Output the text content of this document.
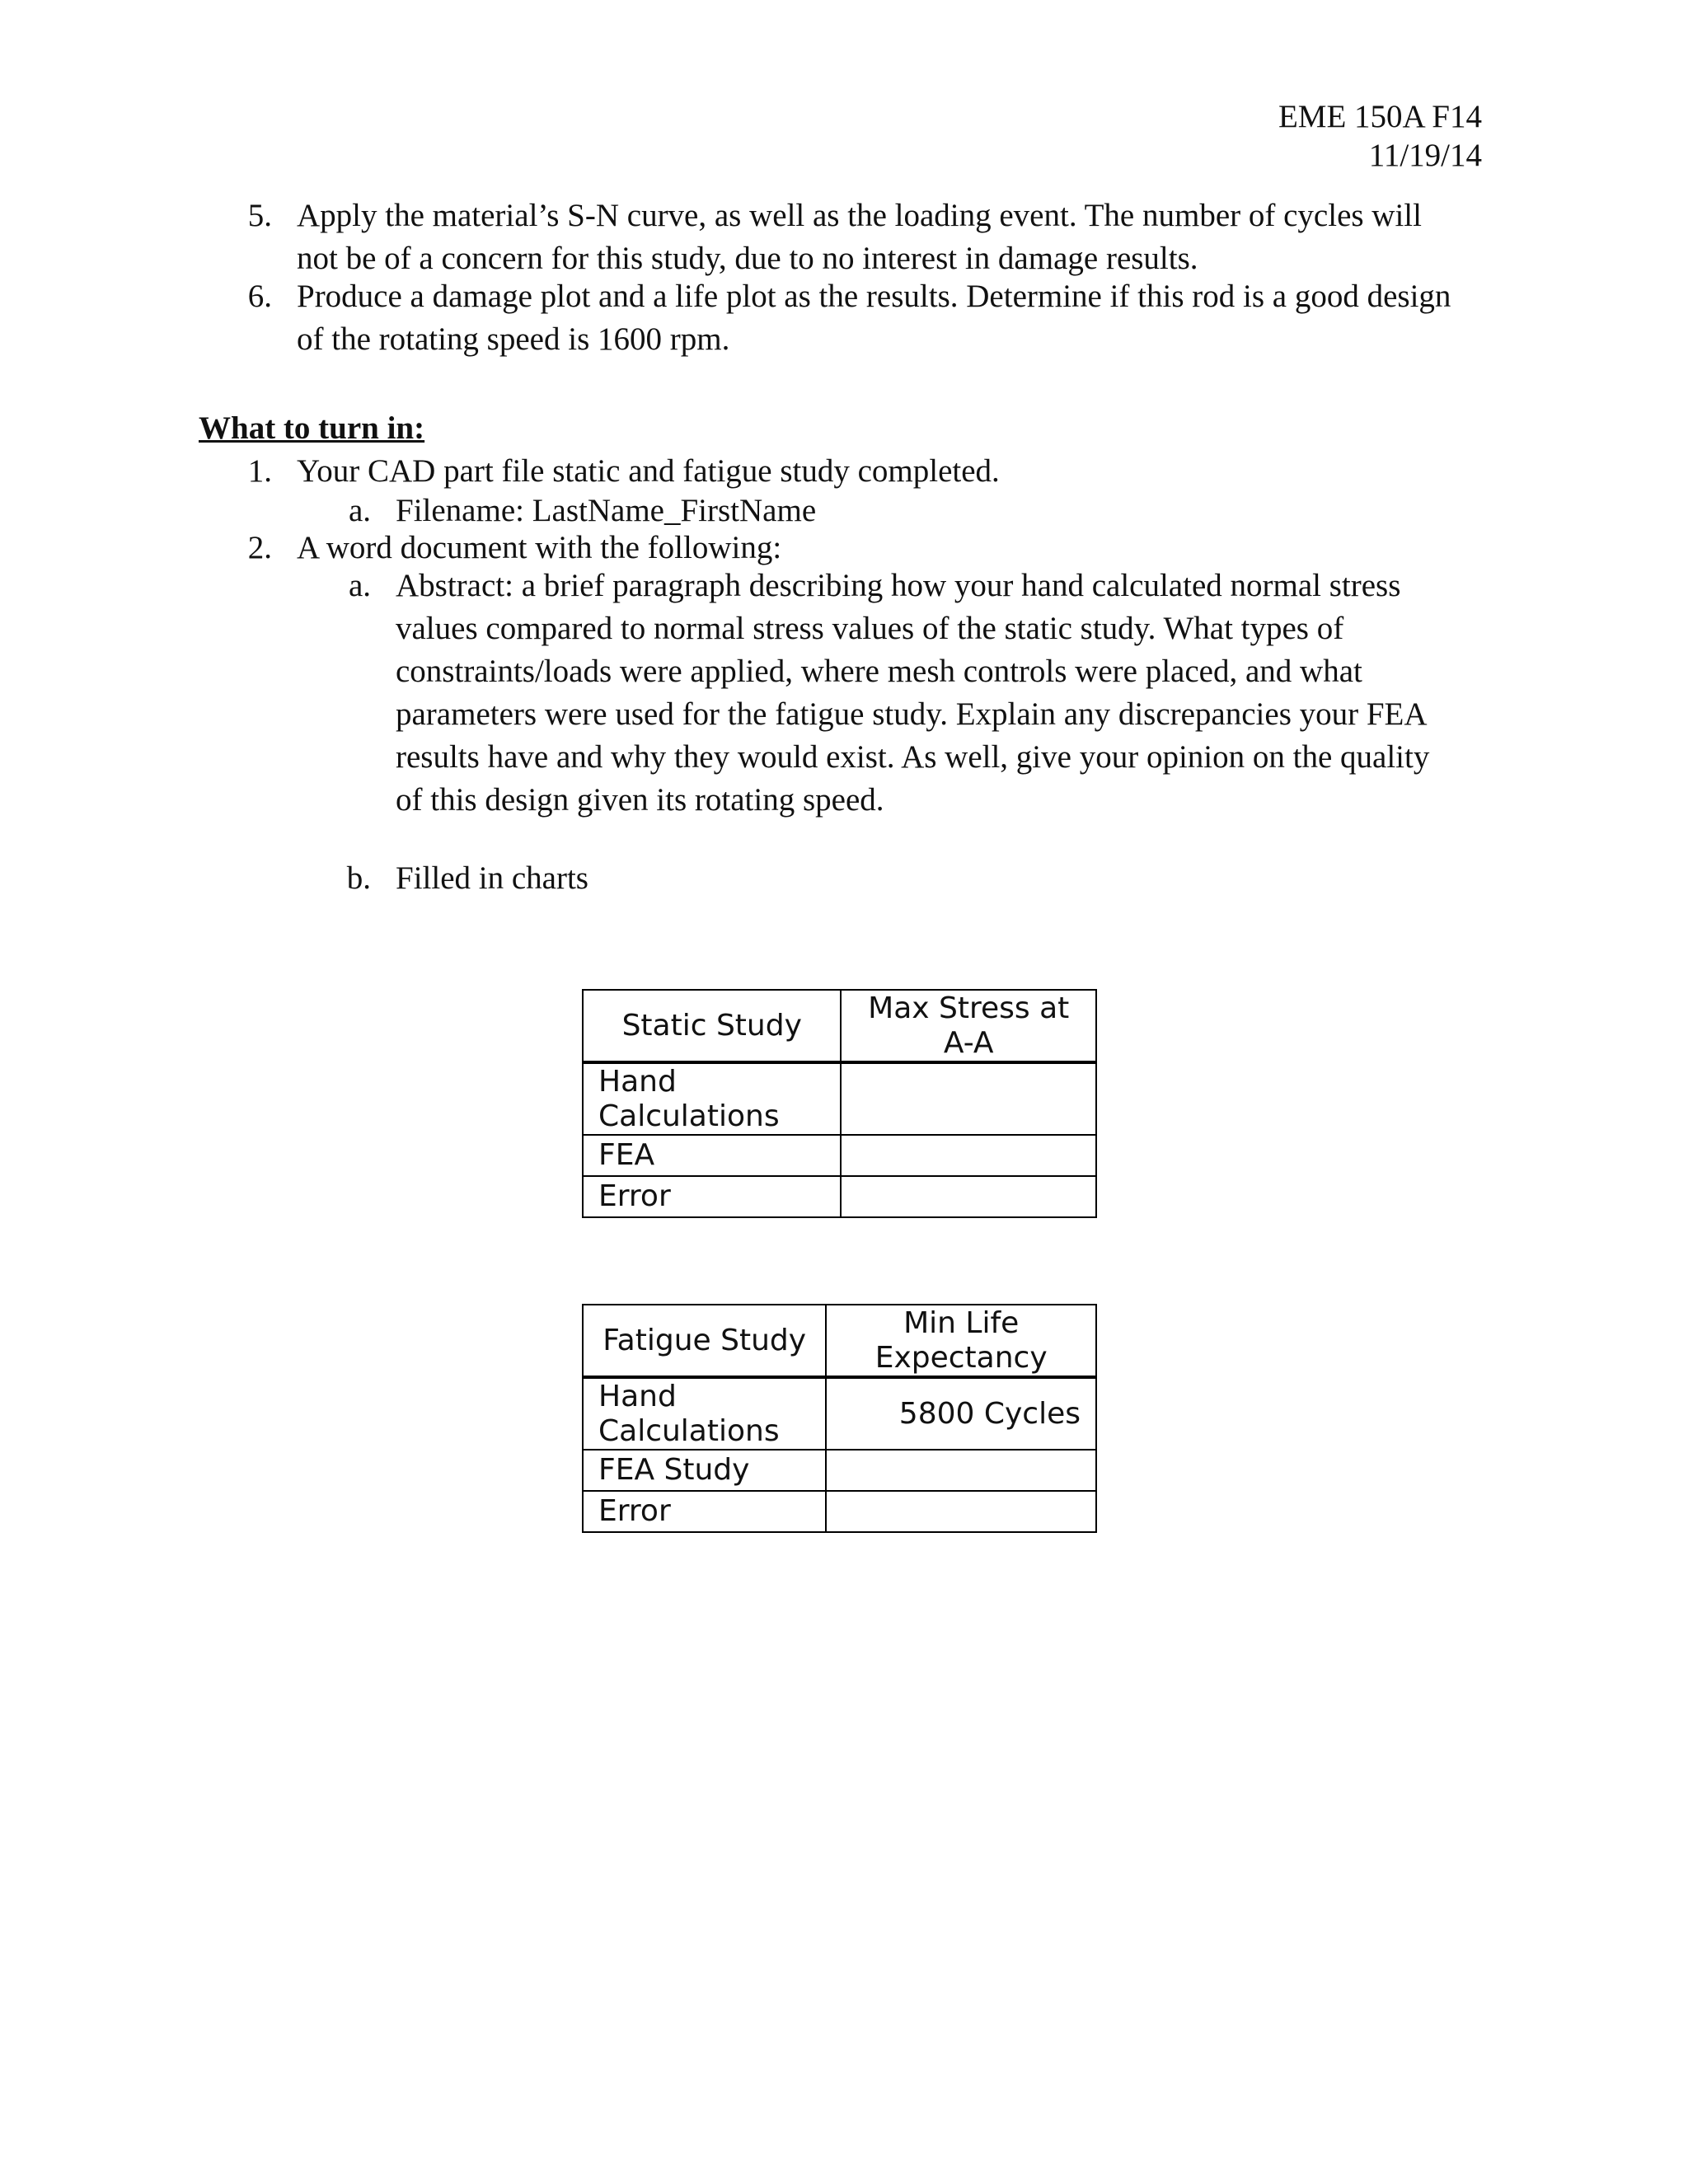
EME 150A F14
11/19/14
5. Apply the material’s S-N curve, as well as the loading event. The number of cycles will
not be of a concern for this study, due to no interest in damage results.
6. Produce a damage plot and a life plot as the results. Determine if this rod is a good design
of the rotating speed is 1600 rpm.
What to turn in:
1. Your CAD part file static and fatigue study completed.
a. Filename: LastName_FirstName
2. A word document with the following:
a. Abstract: a brief paragraph describing how your hand calculated normal stress
values compared to normal stress values of the static study. What types of
constraints/loads were applied, where mesh controls were placed, and what
parameters were used for the fatigue study. Explain any discrepancies your FEA
results have and why they would exist. As well, give your opinion on the quality
of this design given its rotating speed.
b. Filled in charts
Static Study	Max Stress at A-A
Hand Calculations	
FEA	
Error	
Fatigue Study	Min Life Expectancy
Hand Calculations	5800 Cycles
FEA Study	
Error	
